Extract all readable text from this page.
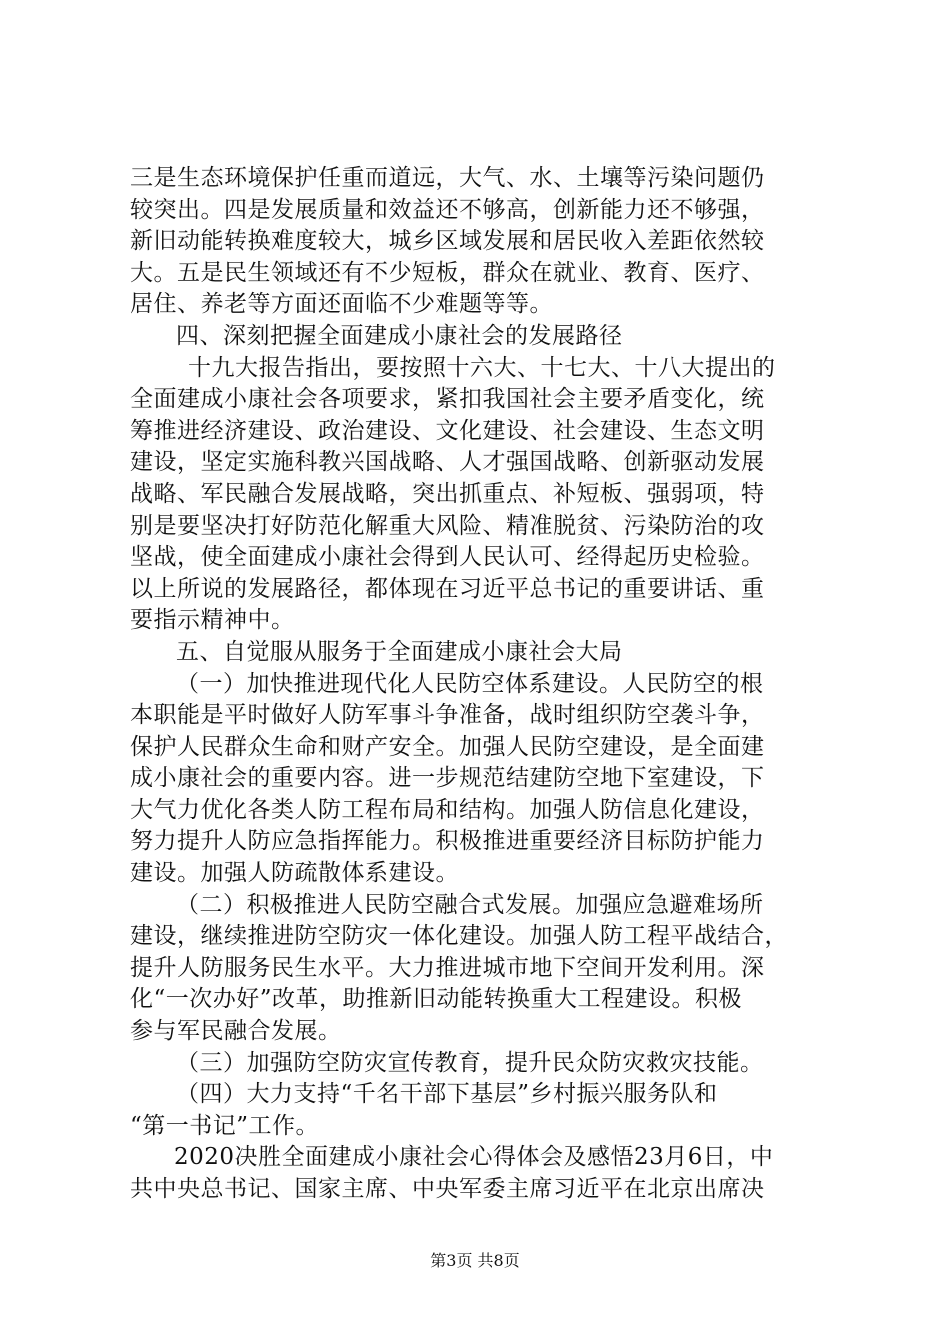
三是生态环境保护任重而道远，大气、水、土壤等污染问题仍
较突出。四是发展质量和效益还不够高，创新能力还不够强，
新旧动能转换难度较大，城乡区域发展和居民收入差距依然较
大。五是民生领域还有不少短板，群众在就业、教育、医疗、
居住、养老等方面还面临不少难题等等。
四、深刻把握全面建成小康社会的发展路径
十九大报告指出，要按照十六大、十七大、十八大提出的
全面建成小康社会各项要求，紧扣我国社会主要矛盾变化，统
筹推进经济建设、政治建设、文化建设、社会建设、生态文明
建设，坚定实施科教兴国战略、人才强国战略、创新驱动发展
战略、军民融合发展战略，突出抓重点、补短板、强弱项，特
别是要坚决打好防范化解重大风险、精准脱贫、污染防治的攻
坚战，使全面建成小康社会得到人民认可、经得起历史检验。
以上所说的发展路径，都体现在习近平总书记的重要讲话、重
要指示精神中。
五、自觉服从服务于全面建成小康社会大局
（一）加快推进现代化人民防空体系建设。人民防空的根
本职能是平时做好人防军事斗争准备，战时组织防空袭斗争，
保护人民群众生命和财产安全。加强人民防空建设，是全面建
成小康社会的重要内容。进一步规范结建防空地下室建设，下
大气力优化各类人防工程布局和结构。加强人防信息化建设，
努力提升人防应急指挥能力。积极推进重要经济目标防护能力
建设。加强人防疏散体系建设。
（二）积极推进人民防空融合式发展。加强应急避难场所
建设，继续推进防空防灾一体化建设。加强人防工程平战结合，
提升人防服务民生水平。大力推进城市地下空间开发利用。深
化“一次办好”改革，助推新旧动能转换重大工程建设。积极
参与军民融合发展。
（三）加强防空防灾宣传教育，提升民众防灾救灾技能。
（四）大力支持“千名干部下基层”乡村振兴服务队和
“第一书记”工作。
2020决胜全面建成小康社会心得体会及感悟23月6日，中
共中央总书记、国家主席、中央军委主席习近平在北京出席决
第3页 共8页
